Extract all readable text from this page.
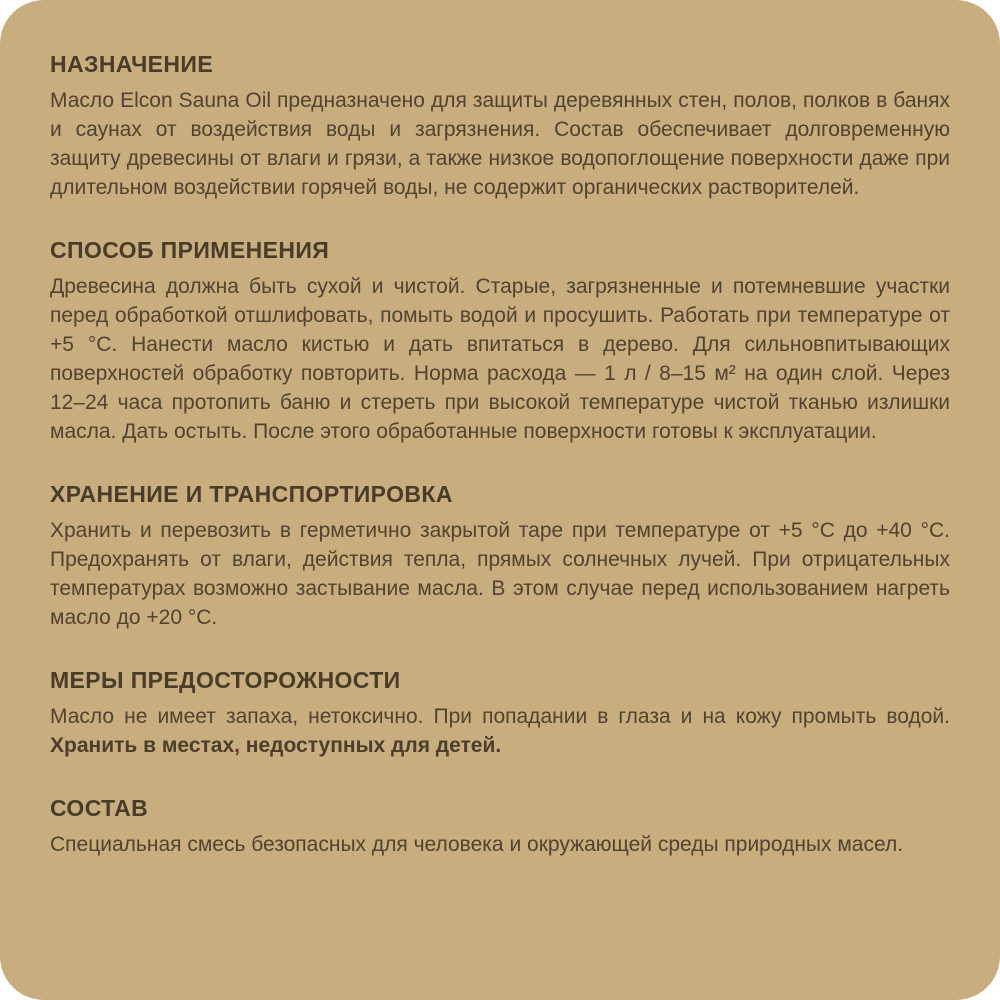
НАЗНАЧЕНИЕ

Масло Elcon Sauna Oil предназначено для защиты деревянных стен, полов, полков в банях и саунах от воздействия воды и загрязнения. Состав обеспечивает долговременную защиту древесины от влаги и грязи, а также низкое водопоглощение поверхности даже при длительном воздействии горячей воды, не содержит органических растворителей.

СПОСОБ ПРИМЕНЕНИЯ

Древесина должна быть сухой и чистой. Старые, загрязненные и потемневшие участки перед обработкой отшлифовать, помыть водой и просушить. Работать при температуре от +5 °C. Нанести масло кистью и дать впитаться в дерево. Для сильновпитывающих поверхностей обработку повторить. Норма расхода — 1 л / 8–15 м² на один слой. Через 12–24 часа протопить баню и стереть при высокой температуре чистой тканью излишки масла. Дать остыть. После этого обработанные поверхности готовы к эксплуатации.

ХРАНЕНИЕ И ТРАНСПОРТИРОВКА

Хранить и перевозить в герметично закрытой таре при температуре от +5 °C до +40 °C. Предохранять от влаги, действия тепла, прямых солнечных лучей. При отрицательных температурах возможно застывание масла. В этом случае перед использованием нагреть масло до +20 °C.

МЕРЫ ПРЕДОСТОРОЖНОСТИ

Масло не имеет запаха, нетоксично. При попадании в глаза и на кожу промыть водой. Хранить в местах, недоступных для детей.

СОСТАВ

Специальная смесь безопасных для человека и окружающей среды природных масел.
